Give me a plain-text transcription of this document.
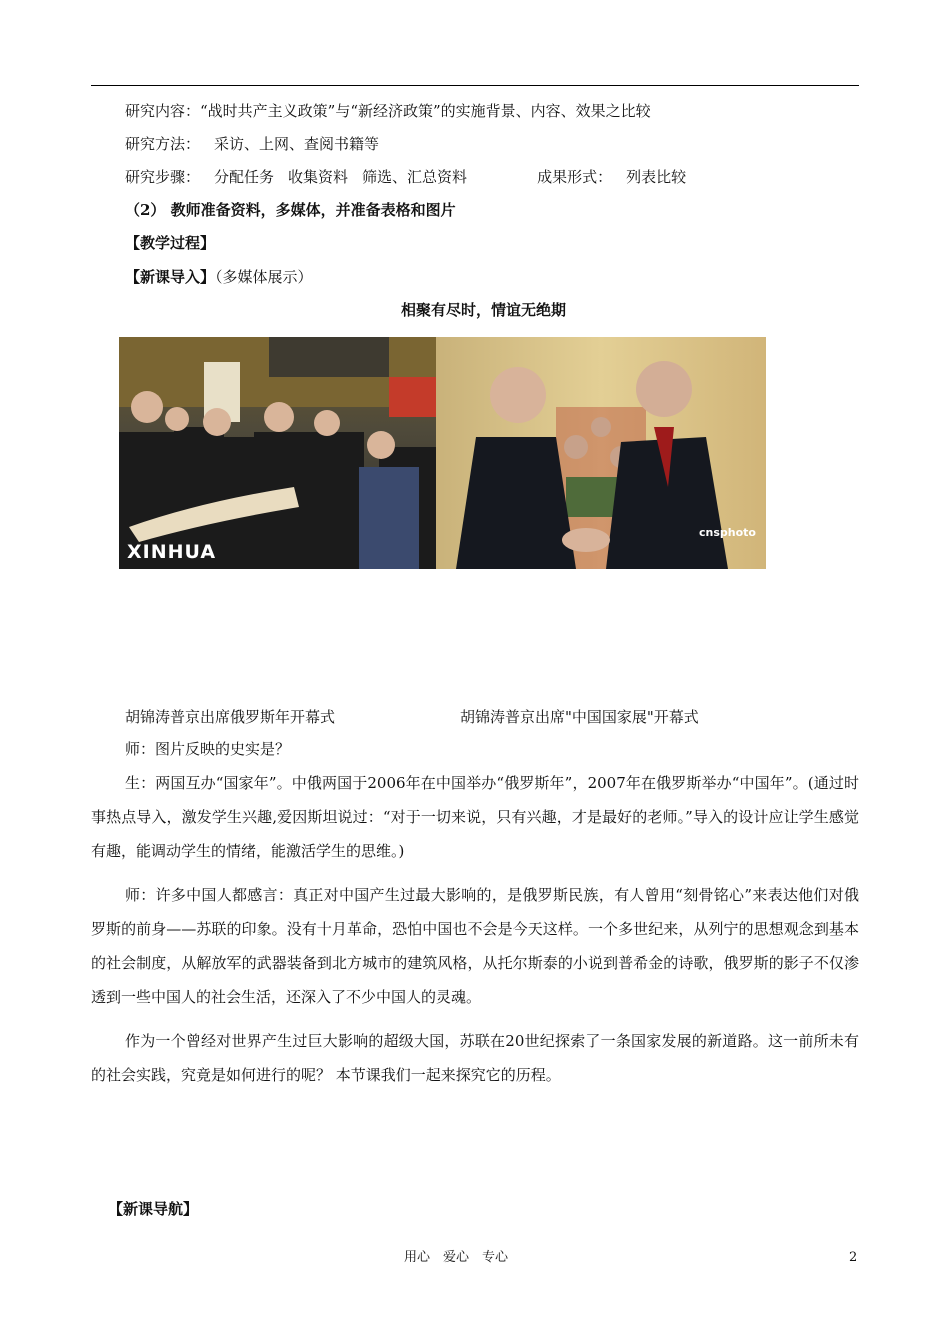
研究内容：“战时共产主义政策”与“新经济政策”的实施背景、内容、效果之比较
研究方法： 采访、上网、查阅书籍等
研究步骤： 分配任务 收集资料 筛选、汇总资料	成果形式： 列表比较
（2） 教师准备资料，多媒体，并准备表格和图片
【教学过程】
【新课导入】（多媒体展示）
相聚有尽时，情谊无绝期
XINHUA
cnsphoto
胡锦涛普京出席俄罗斯年开幕式	胡锦涛普京出席"中国国家展"开幕式
师：图片反映的史实是？
生：两国互办“国家年”。中俄两国于2006年在中国举办“俄罗斯年”，2007年在俄罗斯举办“中国年”。(通过时事热点导入，激发学生兴趣,爱因斯坦说过：“对于一切来说，只有兴趣，才是最好的老师。”导入的设计应让学生感觉有趣，能调动学生的情绪，能激活学生的思维。)
师：许多中国人都感言：真正对中国产生过最大影响的，是俄罗斯民族，有人曾用“刻骨铭心”来表达他们对俄罗斯的前身——苏联的印象。没有十月革命，恐怕中国也不会是今天这样。一个多世纪来，从列宁的思想观念到基本的社会制度，从解放军的武器装备到北方城市的建筑风格，从托尔斯泰的小说到普希金的诗歌，俄罗斯的影子不仅渗透到一些中国人的社会生活，还深入了不少中国人的灵魂。
作为一个曾经对世界产生过巨大影响的超级大国，苏联在20世纪探索了一条国家发展的新道路。这一前所未有的社会实践，究竟是如何进行的呢？ 本节课我们一起来探究它的历程。
【新课导航】
用心　爱心　专心	2
